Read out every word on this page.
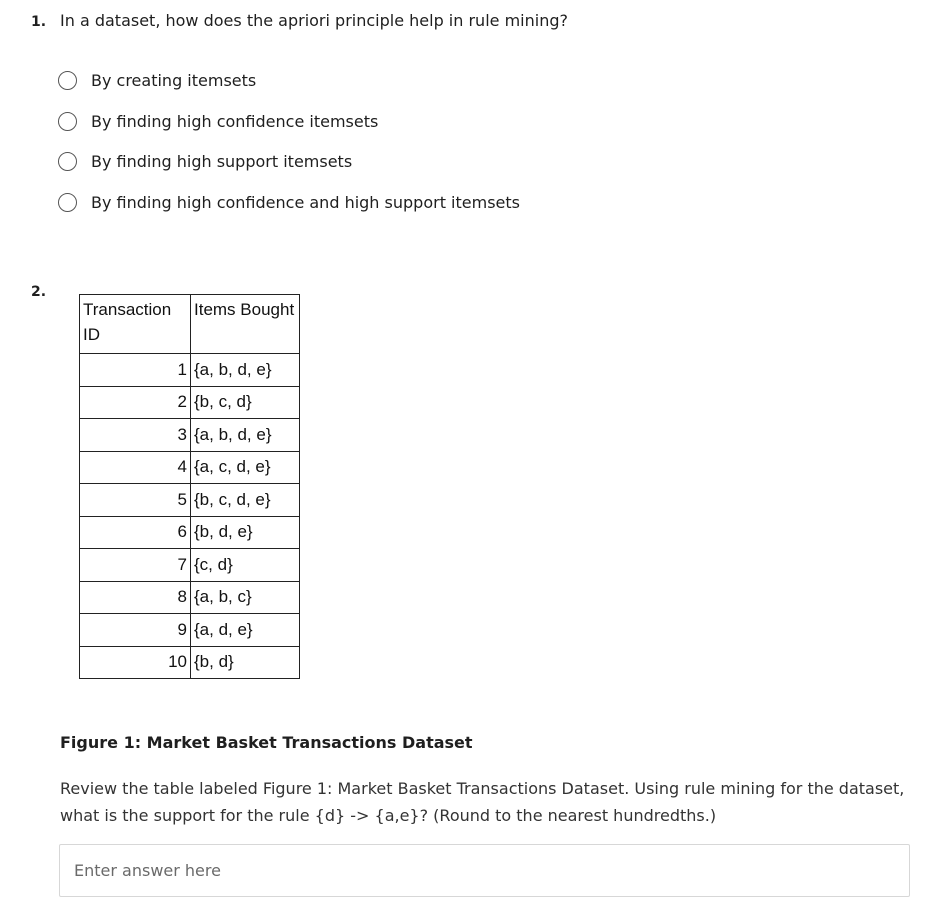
1. In a dataset, how does the apriori principle help in rule mining?
By creating itemsets
By finding high confidence itemsets
By finding high support itemsets
By finding high confidence and high support itemsets
2.
Transaction ID	Items Bought
1	{a, b, d, e}
2	{b, c, d}
3	{a, b, d, e}
4	{a, c, d, e}
5	{b, c, d, e}
6	{b, d, e}
7	{c, d}
8	{a, b, c}
9	{a, d, e}
10	{b, d}
Figure 1: Market Basket Transactions Dataset
Review the table labeled Figure 1: Market Basket Transactions Dataset. Using rule mining for the dataset, what is the support for the rule {d} -> {a,e}? (Round to the nearest hundredths.)
Enter answer here
